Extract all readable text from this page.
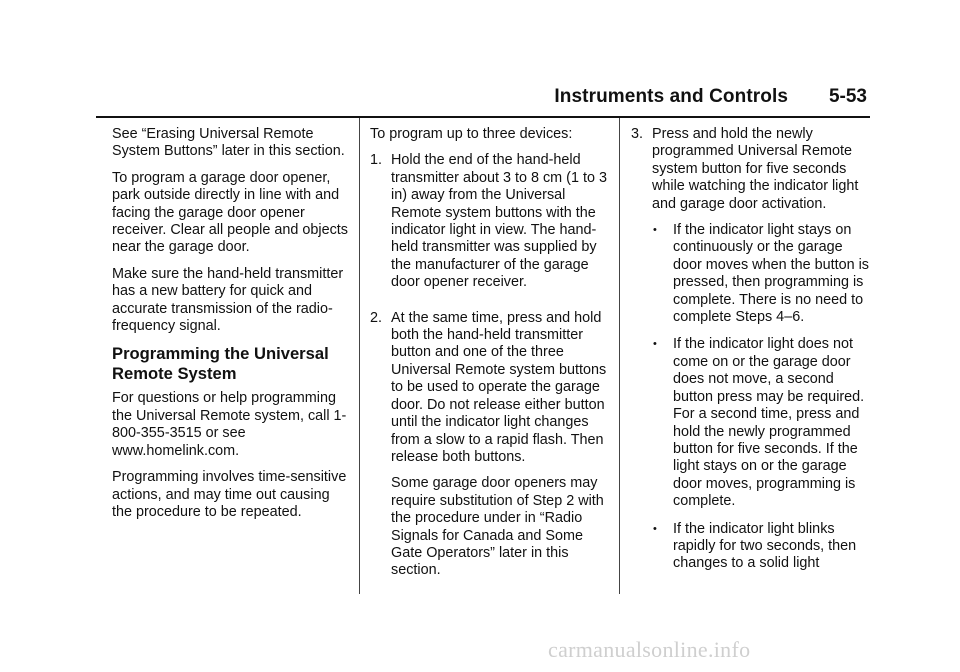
Instruments and Controls 5-53

See “Erasing Universal Remote System Buttons” later in this section.

To program a garage door opener, park outside directly in line with and facing the garage door opener receiver. Clear all people and objects near the garage door.

Make sure the hand-held transmitter has a new battery for quick and accurate transmission of the radio-frequency signal.

Programming the Universal Remote System

For questions or help programming the Universal Remote system, call 1-800-355-3515 or see www.homelink.com.

Programming involves time-sensitive actions, and may time out causing the procedure to be repeated.

To program up to three devices:

1. Hold the end of the hand-held transmitter about 3 to 8 cm (1 to 3 in) away from the Universal Remote system buttons with the indicator light in view. The hand-held transmitter was supplied by the manufacturer of the garage door opener receiver.

2. At the same time, press and hold both the hand-held transmitter button and one of the three Universal Remote system buttons to be used to operate the garage door. Do not release either button until the indicator light changes from a slow to a rapid flash. Then release both buttons.

Some garage door openers may require substitution of Step 2 with the procedure under in “Radio Signals for Canada and Some Gate Operators” later in this section.

3. Press and hold the newly programmed Universal Remote system button for five seconds while watching the indicator light and garage door activation.

•	If the indicator light stays on continuously or the garage door moves when the button is pressed, then programming is complete. There is no need to complete Steps 4–6.
•	If the indicator light does not come on or the garage door does not move, a second button press may be required. For a second time, press and hold the newly programmed button for five seconds. If the light stays on or the garage door moves, programming is complete.
•	If the indicator light blinks rapidly for two seconds, then changes to a solid light
carmanualsonline.info
